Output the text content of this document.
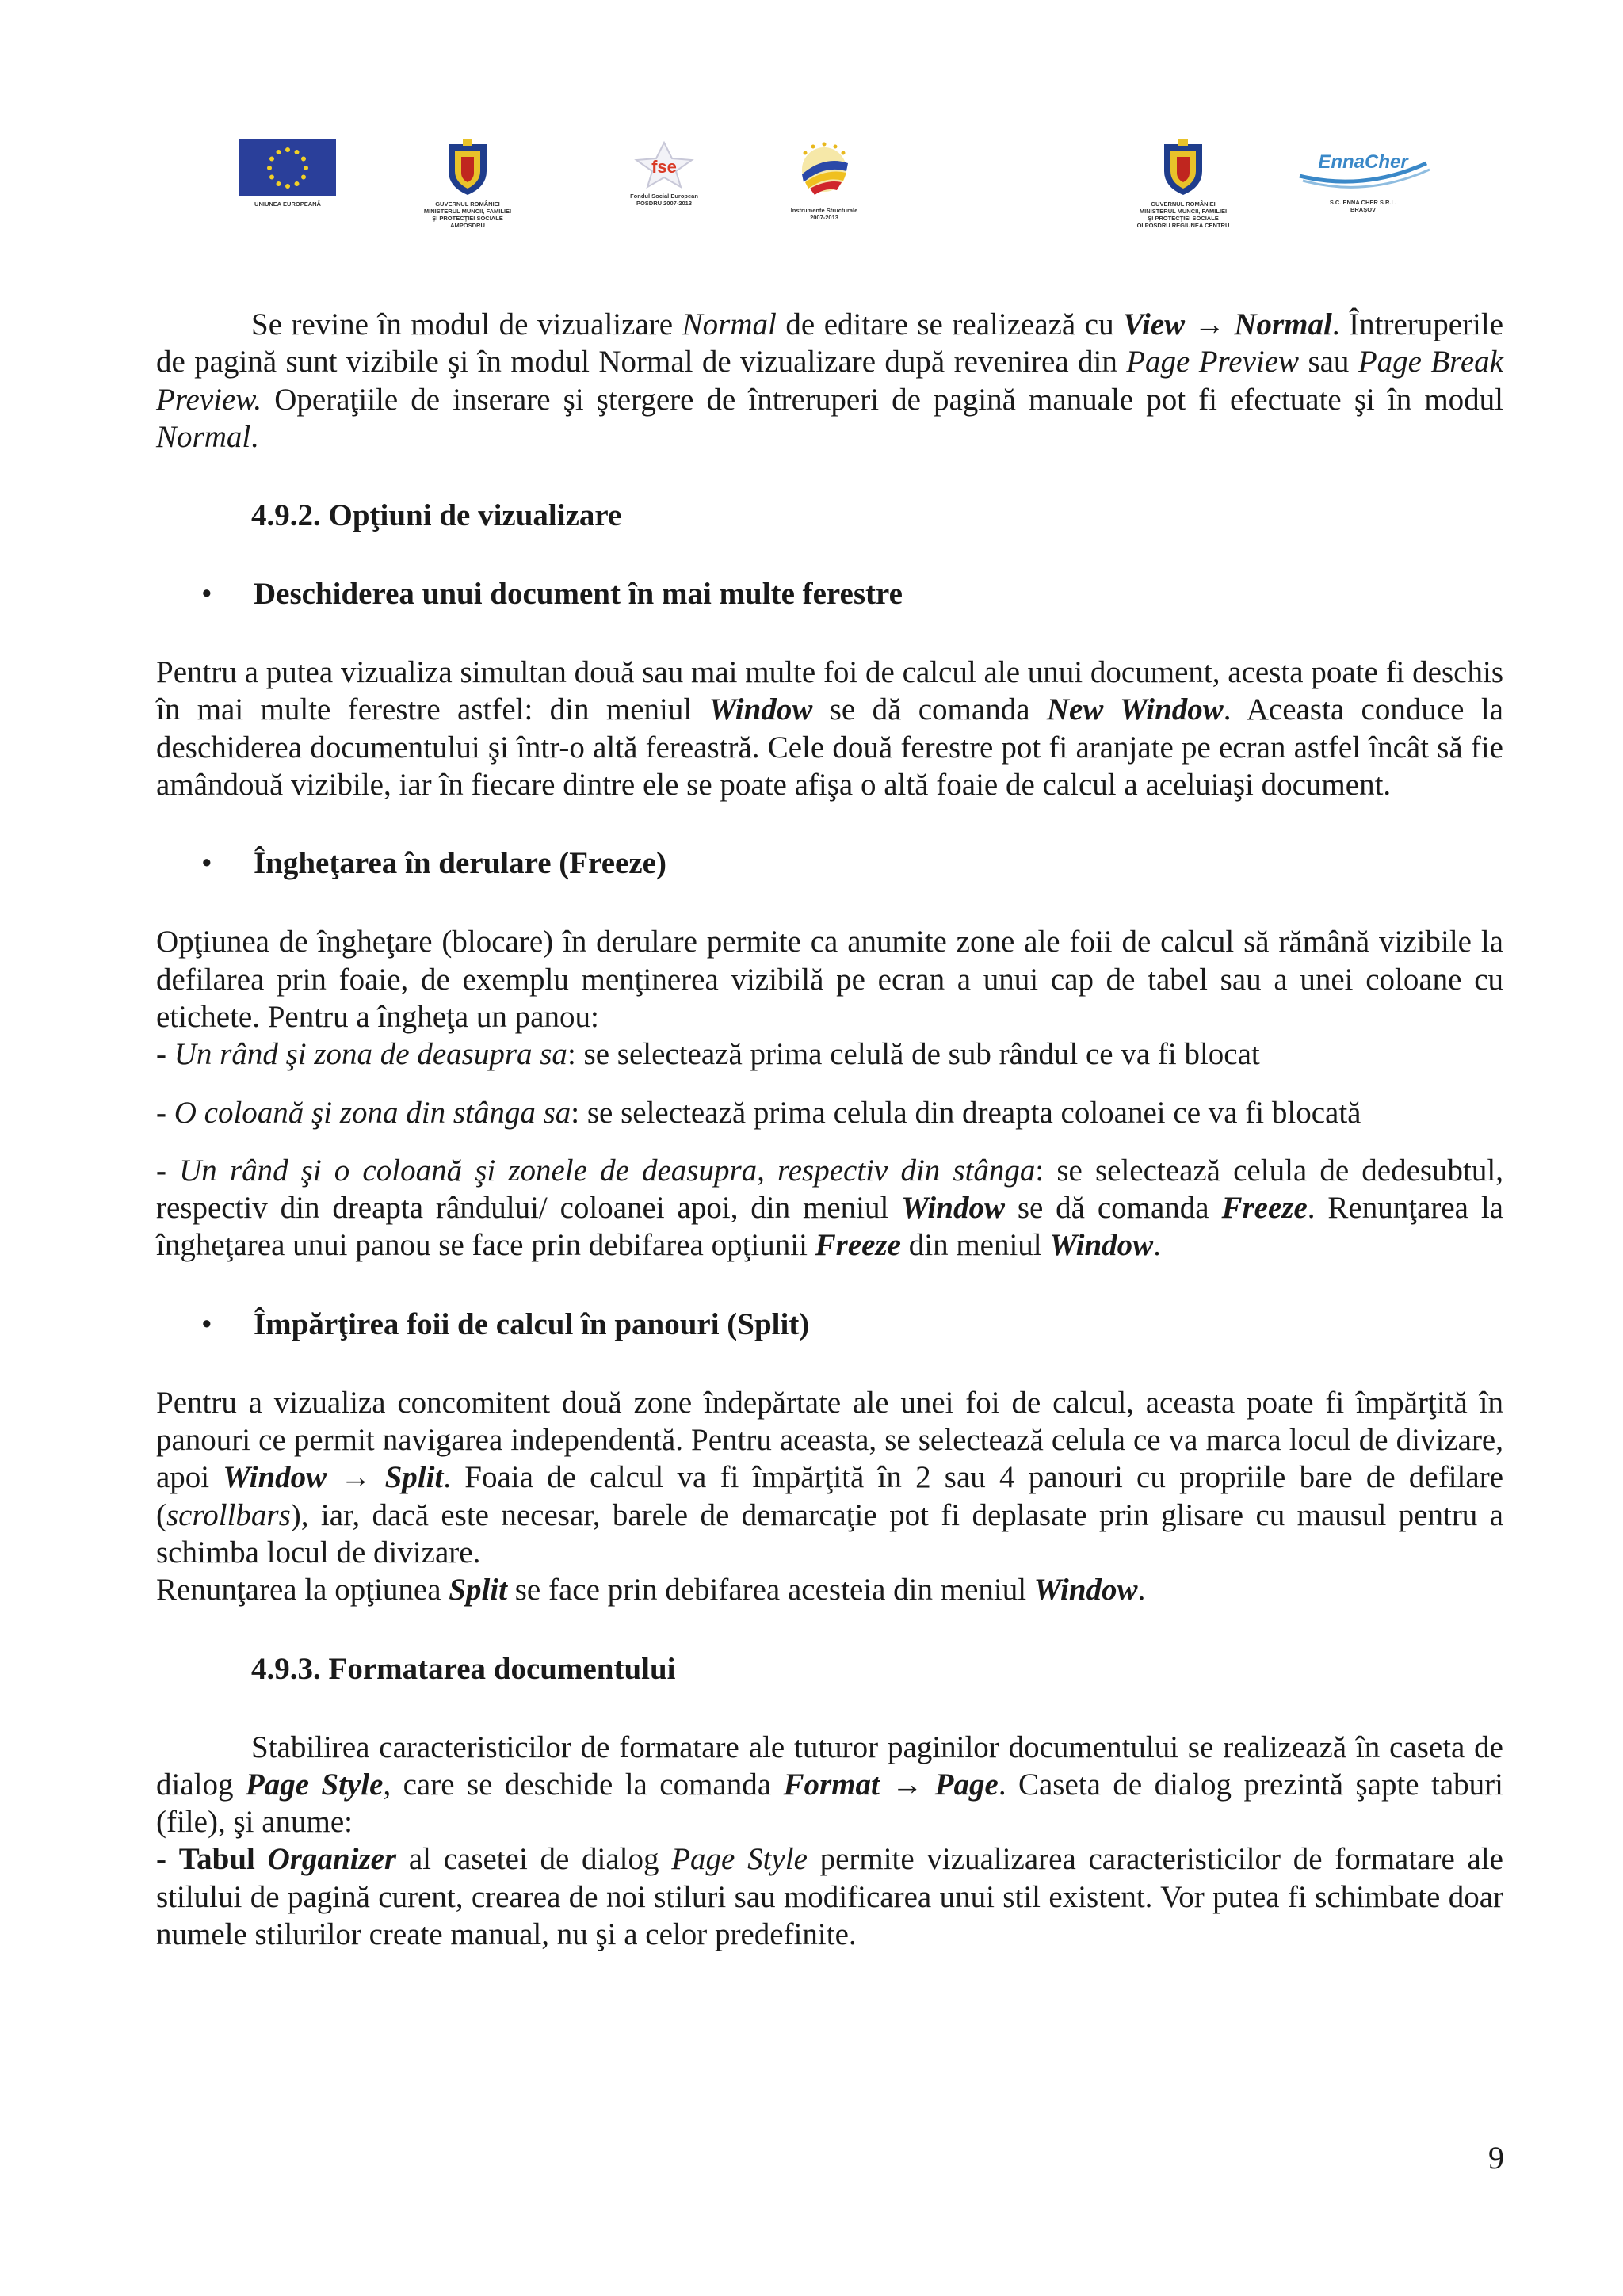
UNIUNEA EUROPEANĂ	GUVERNUL ROMÂNIEI
MINISTERUL MUNCII, FAMILIEI
ŞI PROTECŢIEI SOCIALE
AMPOSDRU
fse
Fondul Social European
POSDRU 2007-2013
Instrumente Structurale
2007-2013
GUVERNUL ROMÂNIEI
MINISTERUL MUNCII, FAMILIEI
ŞI PROTECŢIEI SOCIALE
OI POSDRU REGIUNEA CENTRU
EnnaCher
S.C. ENNA CHER S.R.L.
BRAŞOV

Se revine în modul de vizualizare Normal de editare se realizează cu View → Normal. Întreruperile de pagină sunt vizibile şi în modul Normal de vizualizare după revenirea din Page Preview sau Page Break Preview. Operaţiile de inserare şi ştergere de întreruperi de pagină manuale pot fi efectuate şi în modul Normal.

4.9.2. Opţiuni de vizualizare
• Deschiderea unui document în mai multe ferestre

Pentru a putea vizualiza simultan două sau mai multe foi de calcul ale unui document, acesta poate fi deschis în mai multe ferestre astfel: din meniul Window se dă comanda New Window. Aceasta conduce la deschiderea documentului şi într-o altă fereastră. Cele două ferestre pot fi aranjate pe ecran astfel încât să fie amândouă vizibile, iar în fiecare dintre ele se poate afişa o altă foaie de calcul a aceluiaşi document.

• Îngheţarea în derulare (Freeze)

Opţiunea de îngheţare (blocare) în derulare permite ca anumite zone ale foii de calcul să rămână vizibile la defilarea prin foaie, de exemplu menţinerea vizibilă pe ecran a unui cap de tabel sau a unei coloane cu etichete. Pentru a îngheţa un panou:
- Un rând şi zona de deasupra sa: se selectează prima celulă de sub rândul ce va fi blocat

- O coloană şi zona din stânga sa: se selectează prima celula din dreapta coloanei ce va fi blocată

- Un rând şi o coloană şi zonele de deasupra, respectiv din stânga: se selectează celula de dedesubtul, respectiv din dreapta rândului/ coloanei apoi, din meniul Window se dă comanda Freeze. Renunţarea la îngheţarea unui panou se face prin debifarea opţiunii Freeze din meniul Window.

• Împărţirea foii de calcul în panouri (Split)

Pentru a vizualiza concomitent două zone îndepărtate ale unei foi de calcul, aceasta poate fi împărţită în panouri ce permit navigarea independentă. Pentru aceasta, se selectează celula ce va marca locul de divizare, apoi Window → Split. Foaia de calcul va fi împărţită în 2 sau 4 panouri cu propriile bare de defilare (scrollbars), iar, dacă este necesar, barele de demarcaţie pot fi deplasate prin glisare cu mausul pentru a schimba locul de divizare.

Renunţarea la opţiunea Split se face prin debifarea acesteia din meniul Window.

4.9.3. Formatarea documentului

Stabilirea caracteristicilor de formatare ale tuturor paginilor documentului se realizează în caseta de dialog Page Style, care se deschide la comanda Format → Page. Caseta de dialog prezintă şapte taburi (file), şi anume:

- Tabul Organizer al casetei de dialog Page Style permite vizualizarea caracteristicilor de formatare ale stilului de pagină curent, crearea de noi stiluri sau modificarea unui stil existent. Vor putea fi schimbate doar numele stilurilor create manual, nu şi a celor predefinite.

9
